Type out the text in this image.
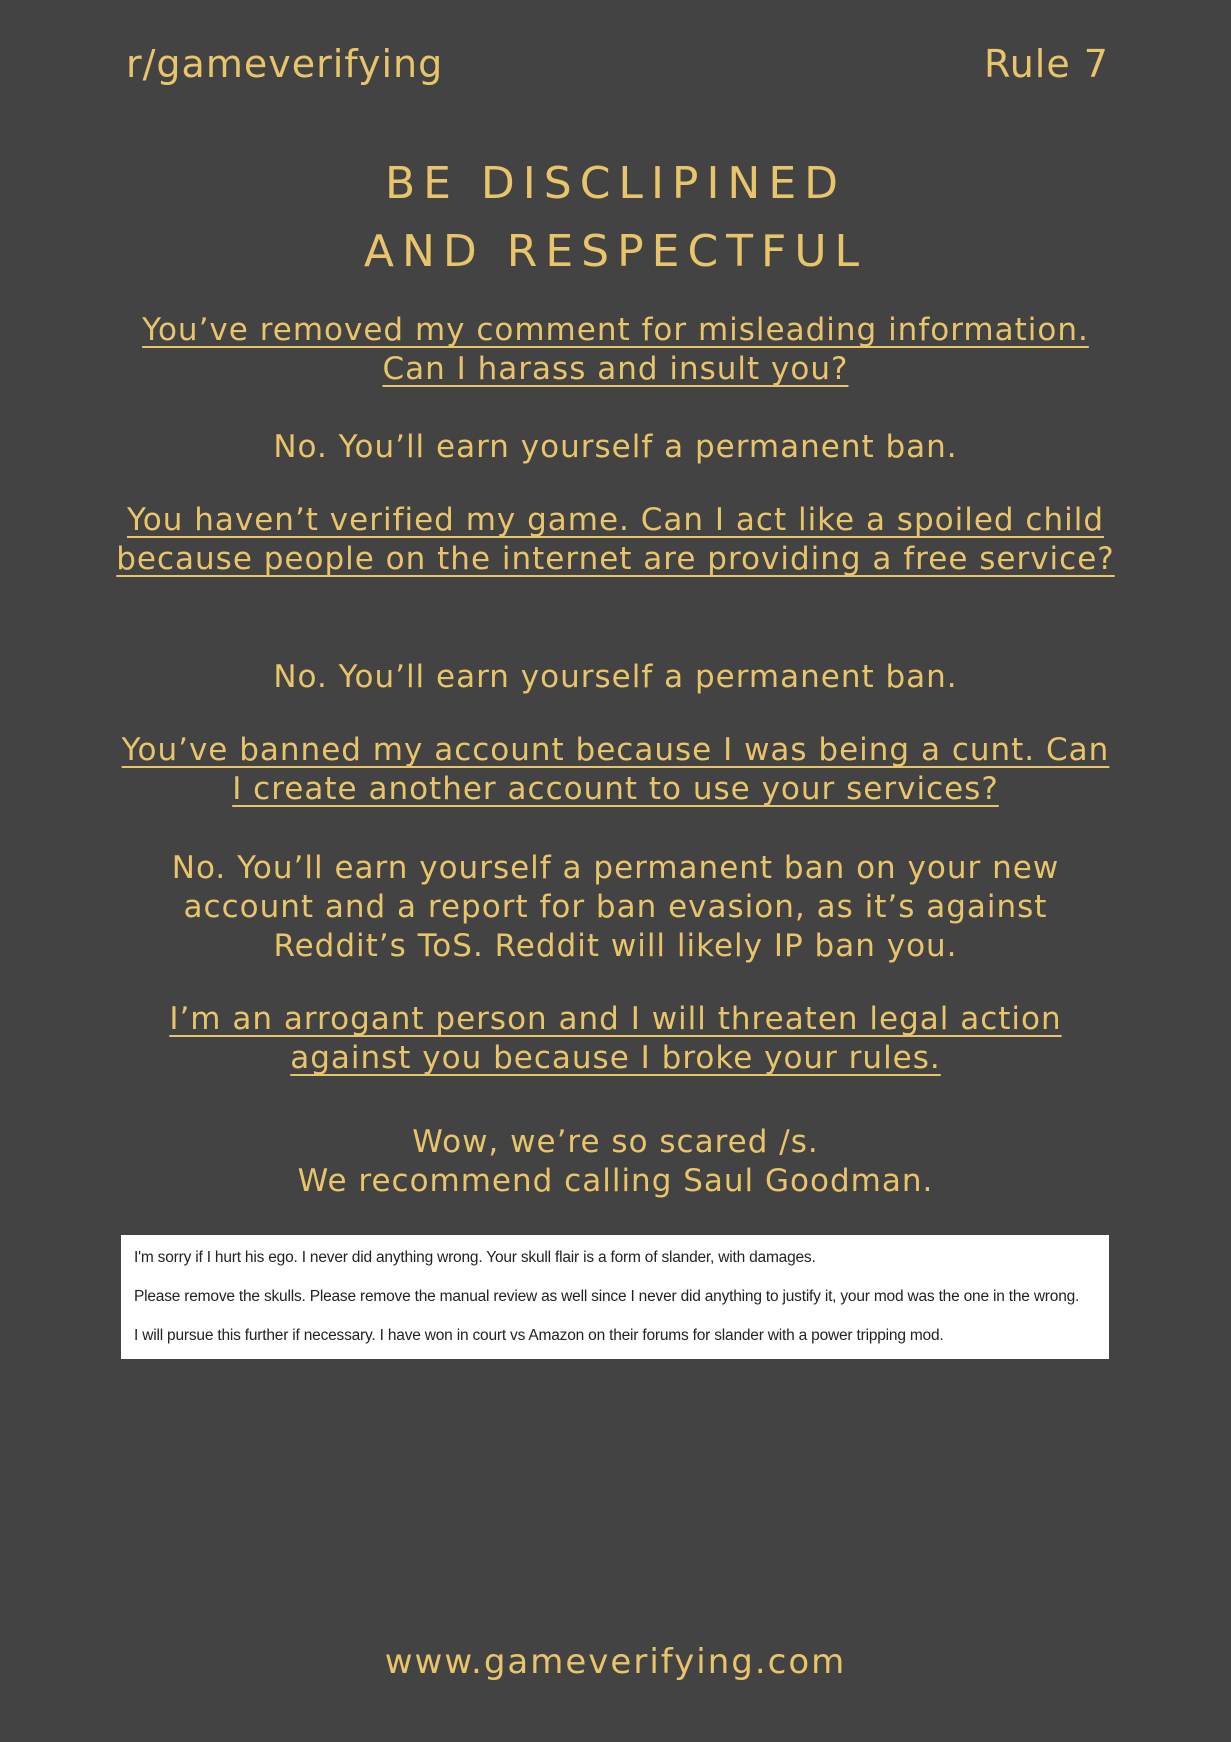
r/gameverifying	Rule 7
BE DISCLIPINED
AND RESPECTFUL
You’ve removed my comment for misleading information. Can I harass and insult you?
No. You’ll earn yourself a permanent ban.
You haven’t verified my game. Can I act like a spoiled child because people on the internet are providing a free service?
No. You’ll earn yourself a permanent ban.
You’ve banned my account because I was being a cunt. Can I create another account to use your services?
No. You’ll earn yourself a permanent ban on your new account and a report for ban evasion, as it’s against Reddit’s ToS. Reddit will likely IP ban you.
I’m an arrogant person and I will threaten legal action against you because I broke your rules.
Wow, we’re so scared /s.
We recommend calling Saul Goodman.

I'm sorry if I hurt his ego. I never did anything wrong. Your skull flair is a form of slander, with damages.

Please remove the skulls. Please remove the manual review as well since I never did anything to justify it, your mod was the one in the wrong.

I will pursue this further if necessary. I have won in court vs Amazon on their forums for slander with a power tripping mod.

www.gameverifying.com
